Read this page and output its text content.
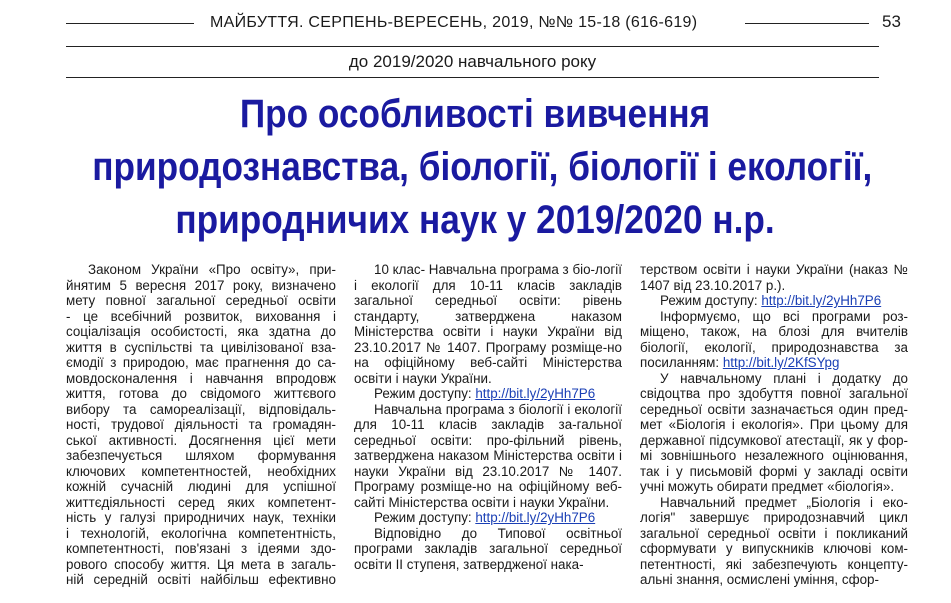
МАЙБУТТЯ. СЕРПЕНЬ-ВЕРЕСЕНЬ, 2019, №№ 15-18 (616-619)	53
до 2019/2020 навчального року
Про особливості вивчення
природознавства, біології, біології і екології,
природничих наук у 2019/2020 н.р.
Законом України «Про освіту», при-
йнятим 5 вересня 2017 року, визначено
мету повної загальної середньої освіти
- це всебічний розвиток, виховання і
соціалізація особистості, яка здатна до
життя в суспільстві та цивілізованої вза-
ємодії з природою, має прагнення до са-
мовдосконалення і навчання впродовж
життя, готова до свідомого життєвого
вибору та самореалізації, відповідаль-
ності, трудової діяльності та громадян-
ської активності. Досягнення цієї мети
забезпечується шляхом формування
ключових компетентностей, необхідних
кожній сучасній людині для успішної
життєдіяльності серед яких компетент-
ність у галузі природничих наук, техніки
і технологій, екологічна компетентність,
компетентності, пов'язані з ідеями здо-
рового способу життя. Ця мета в загаль-
ній середній освіті найбільш ефективно

10 клас- Навчальна програма з біо-логії і екології для 10-11 класів закладів загальної середньої освіти: рівень стандарту, затверджена наказом Міністерства освіти і науки України від 23.10.2017 № 1407. Програму розміще-но на офіційному веб-сайті Міністерства освіти і науки України.

Режим доступу: http://bit.ly/2yHh7P6

Навчальна програма з біології і екології для 10-11 класів закладів за-гальної середньої освіти: про-фільний рівень, затверджена наказом Міністерства освіти і науки України від 23.10.2017 № 1407. Програму розміще-но на офіційному веб-сайті Міністерства освіти і науки України.

Режим доступу: http://bit.ly/2yHh7P6

Відповідно до Типової освітньої програми закладів загальної середньої освіти ІІ ступеня, затвердженої нака-

терством освіти і науки України (наказ № 1407 від 23.10.2017 р.).

Режим доступу: http://bit.ly/2yHh7P6

Інформуємо, що всі програми роз-міщено, також, на блозі для вчителів біології, екології, природознавства за посиланням: http://bit.ly/2KfSYpg

У навчальному плані і додатку до свідоцтва про здобуття повної загальної середньої освіти зазначається один пред-мет «Біологія і екологія». При цьому для державної підсумкової атестації, як у фор-мі зовнішнього незалежного оцінювання, так і у письмовій формі у закладі освіти учні можуть обирати предмет «біологія».

Навчальний предмет „Біологія і еко-логія" завершує природознавчий цикл загальної середньої освіти і покликаний сформувати у випускників ключові ком-петентності, які забезпечують концепту-альні знання, осмислені уміння, сфор-
